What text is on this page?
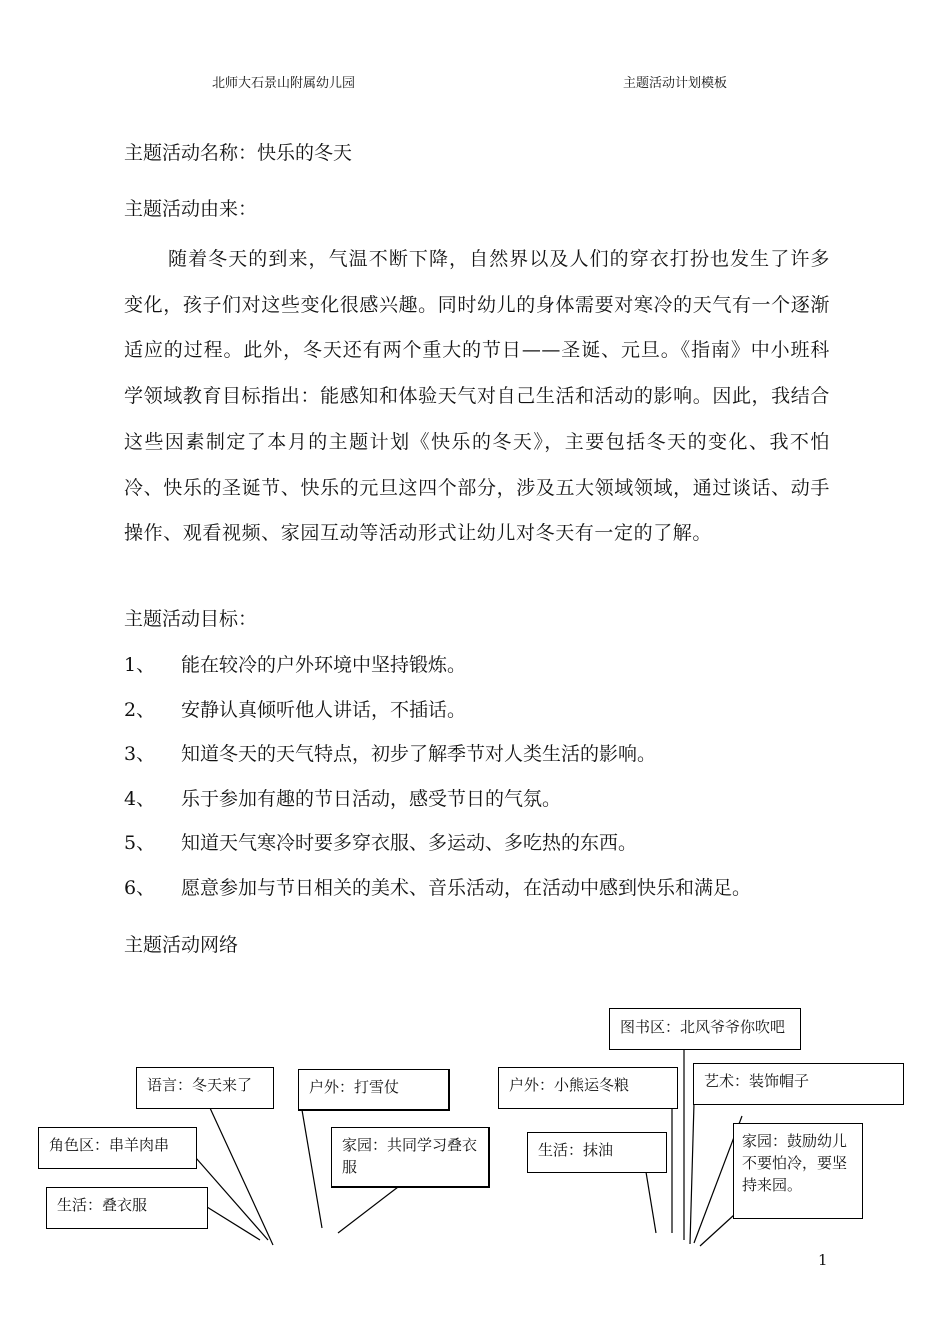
北师大石景山附属幼儿园	主题活动计划模板
主题活动名称：快乐的冬天
主题活动由来：
随着冬天的到来，气温不断下降，自然界以及人们的穿衣打扮也发生了许多变化，孩子们对这些变化很感兴趣。同时幼儿的身体需要对寒冷的天气有一个逐渐适应的过程。此外，冬天还有两个重大的节日——圣诞、元旦。《指南》中小班科学领域教育目标指出：能感知和体验天气对自己生活和活动的影响。因此，我结合这些因素制定了本月的主题计划《快乐的冬天》，主要包括冬天的变化、我不怕冷、快乐的圣诞节、快乐的元旦这四个部分，涉及五大领域领域，通过谈话、动手操作、观看视频、家园互动等活动形式让幼儿对冬天有一定的了解。
主题活动目标：
1、 能在较冷的户外环境中坚持锻炼。
2、 安静认真倾听他人讲话，不插话。
3、 知道冬天的天气特点，初步了解季节对人类生活的影响。
4、 乐于参加有趣的节日活动，感受节日的气氛。
5、 知道天气寒冷时要多穿衣服、多运动、多吃热的东西。
6、 愿意参加与节日相关的美术、音乐活动，在活动中感到快乐和满足。
主题活动网络
语言：冬天来了	户外：打雪仗
角色区：串羊肉串	家园：共同学习叠衣服
生活：叠衣服
图书区：北风爷爷你吹吧
户外：小熊运冬粮	艺术：装饰帽子
生活：抹油	家园：鼓励幼儿不要怕冷，要坚持来园。
1
